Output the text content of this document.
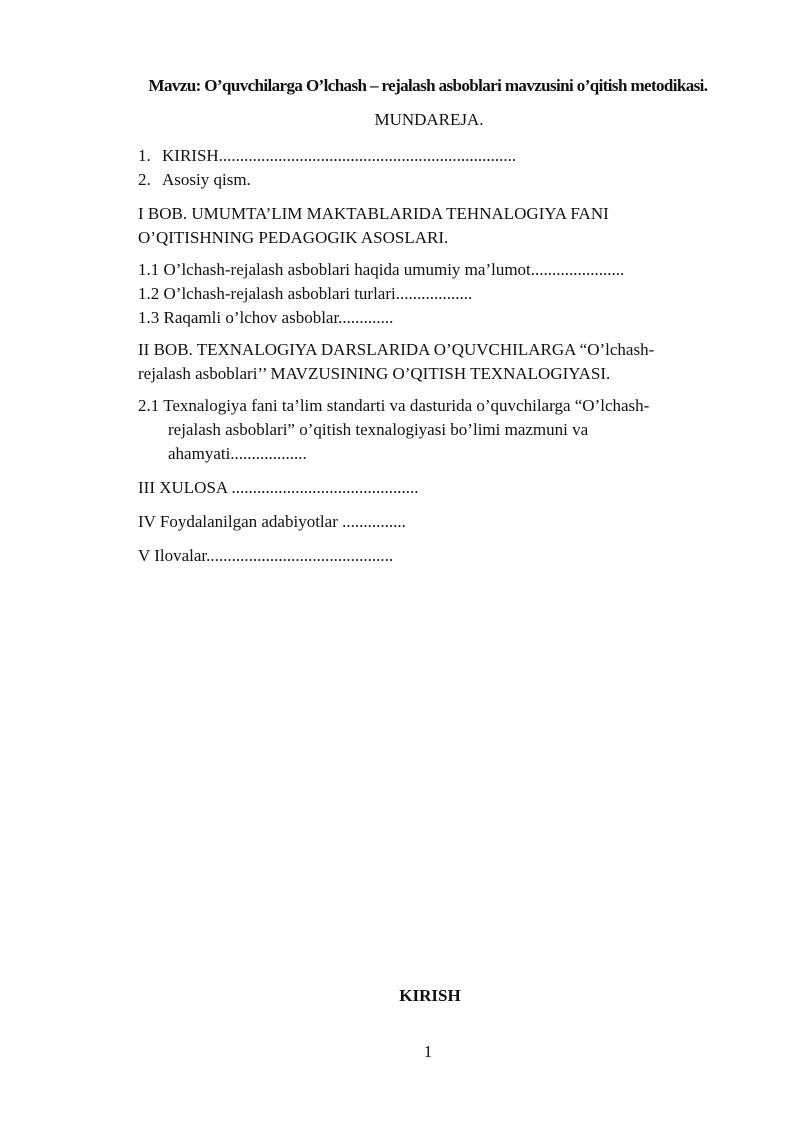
Mavzu: O’quvchilarga O’lchash – rejalash asboblari mavzusini o’qitish metodikasi.
MUNDAREJA.
1. KIRISH......................................................................
2. Asosiy qism.
I BOB. UMUMTA’LIM MAKTABLARIDA TEHNALOGIYA FANI
O’QITISHNING PEDAGOGIK ASOSLARI.
1.1 O’lchash-rejalash asboblari haqida umumiy ma’lumot......................
1.2 O’lchash-rejalash asboblari turlari..................
1.3 Raqamli o’lchov asboblar.............
II BOB. TEXNALOGIYA DARSLARIDA O’QUVCHILARGA “O’lchash-
rejalash asboblari’’ MAVZUSINING O’QITISH TEXNALOGIYASI.
2.1 Texnalogiya fani ta’lim standarti va dasturida o’quvchilarga “O’lchash-
rejalash asboblari” o’qitish texnalogiyasi bo’limi mazmuni va
ahamyati..................
III XULOSA ............................................
IV Foydalanilgan adabiyotlar ...............
V Ilovalar............................................
KIRISH
1
